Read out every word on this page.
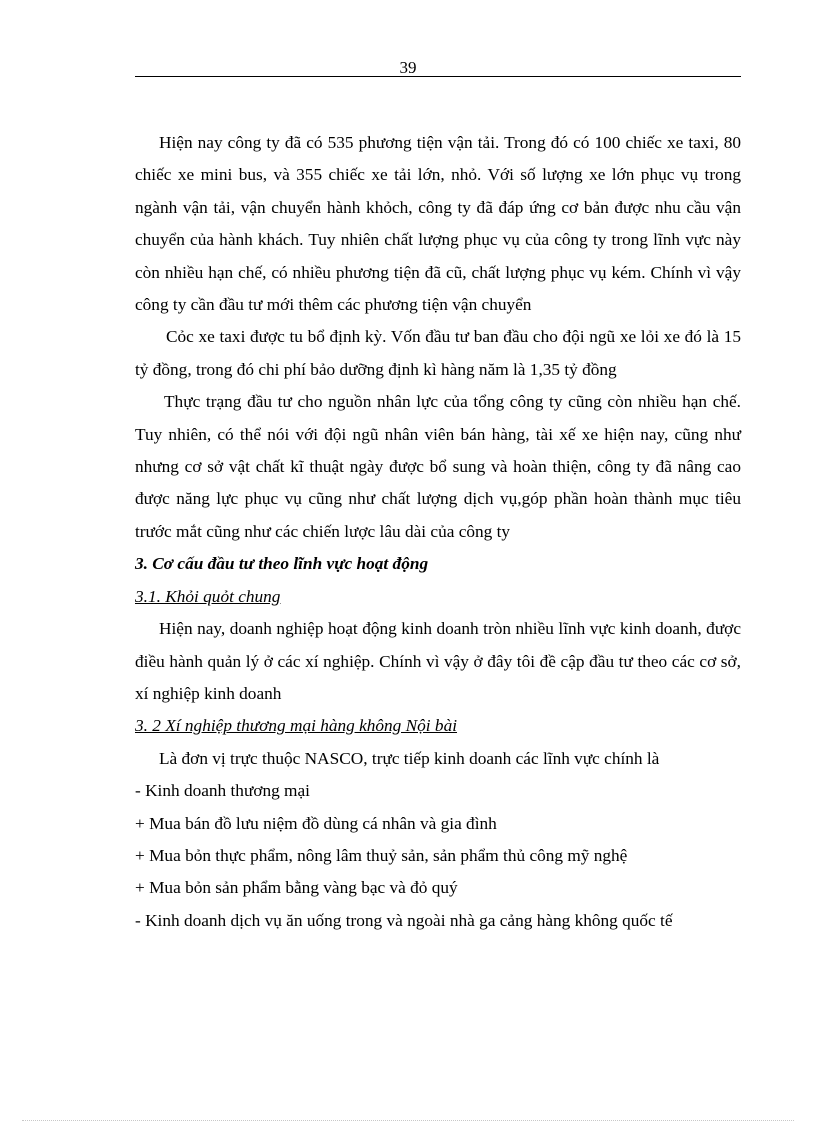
39

Hiện nay công ty đã có 535 phương tiện vận tải. Trong đó có 100 chiếc xe taxi, 80 chiếc xe mini bus, và 355 chiếc xe tải lớn, nhỏ. Với số lượng xe lớn phục vụ trong ngành vận tải, vận chuyển hành khỏch, công ty đã đáp ứng cơ bản được nhu cầu vận chuyển của hành khách. Tuy nhiên chất lượng phục vụ của công ty trong lĩnh vực này còn nhiều hạn chế, có nhiều phương tiện đã cũ, chất lượng phục vụ kém. Chính vì vậy công ty cần đầu tư mới thêm các phương tiện vận chuyển

Cỏc xe taxi được tu bổ định kỳ. Vốn đầu tư ban đầu cho đội ngũ xe lỏi xe đó là 15 tỷ đồng, trong đó chi phí bảo dưỡng định kì hàng năm là 1,35 tỷ đồng

Thực trạng đầu tư cho nguồn nhân lực của tổng công ty cũng còn nhiều hạn chế. Tuy nhiên, có thể nói với đội ngũ nhân viên bán hàng, tài xế xe hiện nay, cũng như nhưng cơ sở vật chất kĩ thuật ngày được bổ sung và hoàn thiện, công ty đã nâng cao được năng lực phục vụ cũng như chất lượng dịch vụ,góp phần hoàn thành mục tiêu trước mắt cũng như các chiến lược lâu dài của công ty

3. Cơ cấu đầu tư theo lĩnh vực hoạt động

3.1. Khỏi quỏt chung

Hiện nay, doanh nghiệp hoạt động kinh doanh tròn nhiều lĩnh vực kinh doanh, được điều hành quản lý ở các xí nghiệp. Chính vì vậy ở đây tôi đề cập đầu tư theo các cơ sở, xí nghiệp kinh doanh

3. 2 Xí nghiệp thương mại hàng không Nội bài

Là đơn vị trực thuộc NASCO, trực tiếp kinh doanh các lĩnh vực chính là

- Kinh doanh thương mại

+ Mua bán đồ lưu niệm đồ dùng cá nhân và gia đình

+ Mua bỏn thực phẩm, nông lâm thuỷ sản, sản phẩm thủ công mỹ nghệ

+ Mua bỏn sản phẩm bằng vàng bạc và đỏ quý

- Kinh doanh dịch vụ ăn uống trong và ngoài nhà ga cảng hàng không quốc tế
